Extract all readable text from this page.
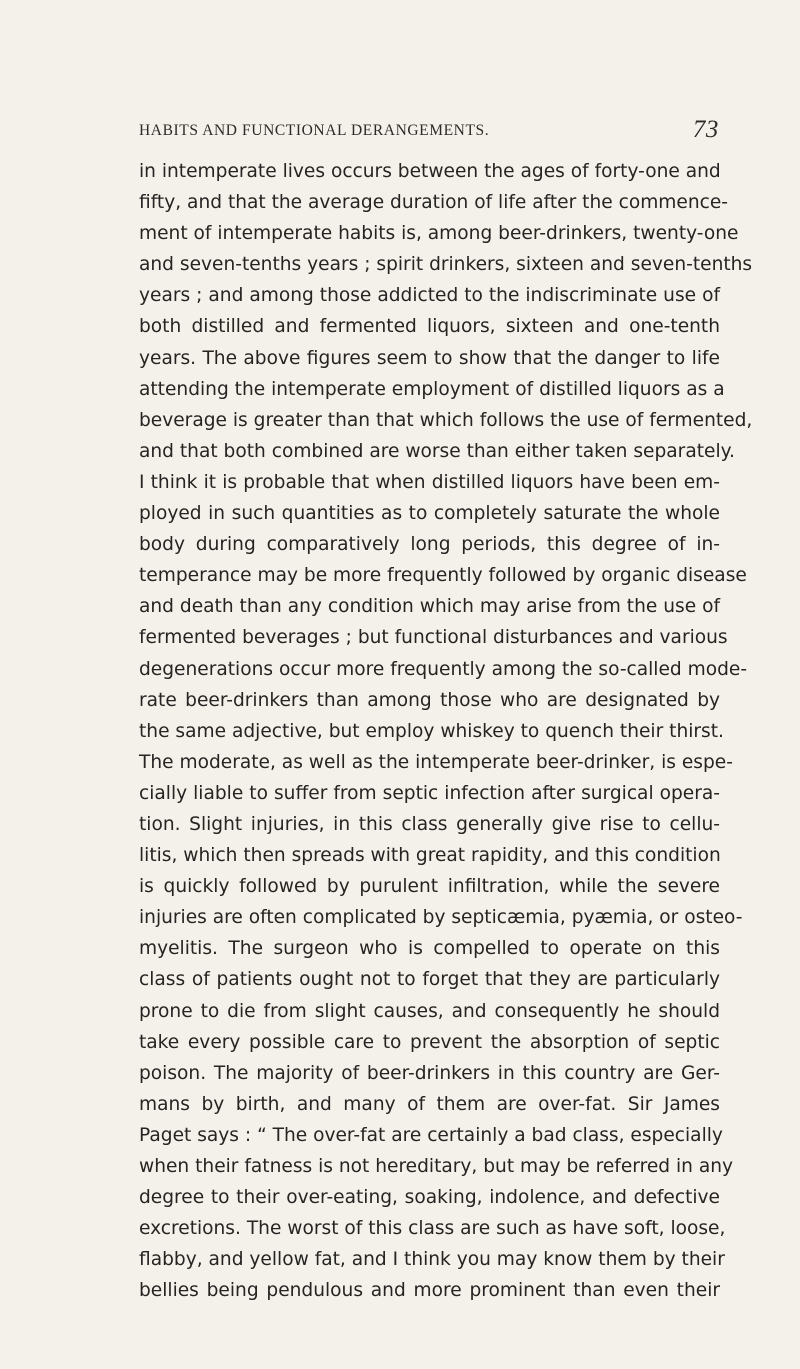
HABITS AND FUNCTIONAL DERANGEMENTS.	73
in intemperate lives occurs between the ages of forty-one and
fifty, and that the average duration of life after the commence-
ment of intemperate habits is, among beer-drinkers, twenty-one
and seven-tenths years ; spirit drinkers, sixteen and seven-tenths
years ; and among those addicted to the indiscriminate use of
both distilled and fermented liquors, sixteen and one-tenth
years. The above figures seem to show that the danger to life
attending the intemperate employment of distilled liquors as a
beverage is greater than that which follows the use of fermented,
and that both combined are worse than either taken separately.
I think it is probable that when distilled liquors have been em-
ployed in such quantities as to completely saturate the whole
body during comparatively long periods, this degree of in-
temperance may be more frequently followed by organic disease
and death than any condition which may arise from the use of
fermented beverages ; but functional disturbances and various
degenerations occur more frequently among the so-called mode-
rate beer-drinkers than among those who are designated by
the same adjective, but employ whiskey to quench their thirst.
The moderate, as well as the intemperate beer-drinker, is espe-
cially liable to suffer from septic infection after surgical opera-
tion. Slight injuries, in this class generally give rise to cellu-
litis, which then spreads with great rapidity, and this condition
is quickly followed by purulent infiltration, while the severe
injuries are often complicated by septicæmia, pyæmia, or osteo-
myelitis. The surgeon who is compelled to operate on this
class of patients ought not to forget that they are particularly
prone to die from slight causes, and consequently he should
take every possible care to prevent the absorption of septic
poison. The majority of beer-drinkers in this country are Ger-
mans by birth, and many of them are over-fat. Sir James
Paget says : “ The over-fat are certainly a bad class, especially
when their fatness is not hereditary, but may be referred in any
degree to their over-eating, soaking, indolence, and defective
excretions. The worst of this class are such as have soft, loose,
flabby, and yellow fat, and I think you may know them by their
bellies being pendulous and more prominent than even their
